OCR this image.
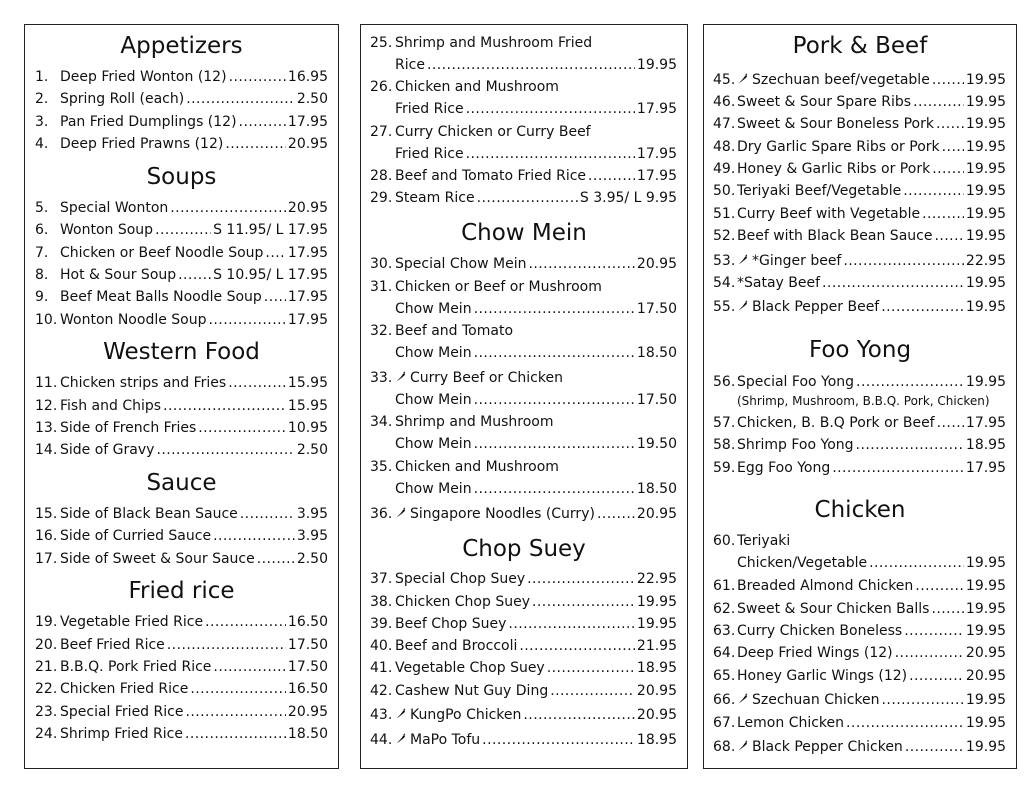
Appetizers
1. Deep Fried Wonton (12) . . .	16.95
2. Spring Roll (each) . . .	2.50
3. Pan Fried Dumplings (12) . . .	17.95
4. Deep Fried Prawns (12) . . .	20.95
Soups
5. Special Wonton . . .	20.95
6. Wonton Soup . . .	S 11.95/ L 17.95
7. Chicken or Beef Noodle Soup . . . 17.95
8. Hot & Sour Soup . . .	S 10.95/ L 17.95
9. Beef Meat Balls Noodle Soup . . . 17.95
10. Wonton Noodle Soup . . .	17.95
Western Food
11. Chicken strips and Fries . . .	15.95
12. Fish and Chips . . .	15.95
13. Side of French Fries . . .	10.95
14. Side of Gravy . . .	2.50
Sauce
15. Side of Black Bean Sauce . . .	3.95
16. Side of Curried Sauce . . .	3.95
17. Side of Sweet & Sour Sauce . . .	2.50
Fried rice
19. Vegetable Fried Rice . . .	16.50
20. Beef Fried Rice . . .	17.50
21. B.B.Q. Pork Fried Rice . . .	17.50
22. Chicken Fried Rice . . .	16.50
23. Special Fried Rice . . .	20.95
24. Shrimp Fried Rice . . .	18.50
25. Shrimp and Mushroom Fried
Rice . . .	19.95
26. Chicken and Mushroom
Fried Rice . . .	17.95
27. Curry Chicken or Curry Beef
Fried Rice . . .	17.95
28. Beef and Tomato Fried Rice . . .	17.95
29. Steam Rice . . .	S 3.95/ L 9.95
Chow Mein
30. Special Chow Mein . . .	20.95
31. Chicken or Beef or Mushroom
Chow Mein . . .	17.50
32. Beef and Tomato
Chow Mein . . .	18.50
33. Curry Beef or Chicken
Chow Mein . . .	17.50
34. Shrimp and Mushroom
Chow Mein . . .	19.50
35. Chicken and Mushroom
Chow Mein . . .	18.50
36. Singapore Noodles (Curry) . . .	20.95
Chop Suey
37. Special Chop Suey . . .	22.95
38. Chicken Chop Suey . . .	19.95
39. Beef Chop Suey . . .	19.95
40. Beef and Broccoli . . .	21.95
41. Vegetable Chop Suey . . .	18.95
42. Cashew Nut Guy Ding . . .	20.95
43. KungPo Chicken . . .	20.95
44. MaPo Tofu . . .	18.95
Pork & Beef
45. Szechuan beef/vegetable . . .	19.95
46. Sweet & Sour Spare Ribs . . .	19.95
47. Sweet & Sour Boneless Pork . . . 19.95
48. Dry Garlic Spare Ribs or Pork . . . 19.95
49. Honey & Garlic Ribs or Pork . . .	19.95
50. Teriyaki Beef/Vegetable . . .	19.95
51. Curry Beef with Vegetable . . .	19.95
52. Beef with Black Bean Sauce . . . 19.95
53. *Ginger beef . . .	22.95
54. *Satay Beef . . .	19.95
55. Black Pepper Beef . . .	19.95
Foo Yong
56. Special Foo Yong . . .	19.95
57. Chicken, B. B.Q Pork or Beef . . . 17.95
58. Shrimp Foo Yong . . .	18.95
59. Egg Foo Yong . . .	17.95
(Shrimp, Mushroom, B.B.Q. Pork, Chicken)
Chicken
60. Teriyaki
Chicken/Vegetable . . .	19.95
61. Breaded Almond Chicken . . .	19.95
62. Sweet & Sour Chicken Balls . . .	19.95
63. Curry Chicken Boneless . . .	19.95
64. Deep Fried Wings (12) . . .	20.95
65. Honey Garlic Wings (12) . . .	20.95
66. Szechuan Chicken . . .	19.95
67. Lemon Chicken . . .	19.95
68. Black Pepper Chicken . . .	19.95
